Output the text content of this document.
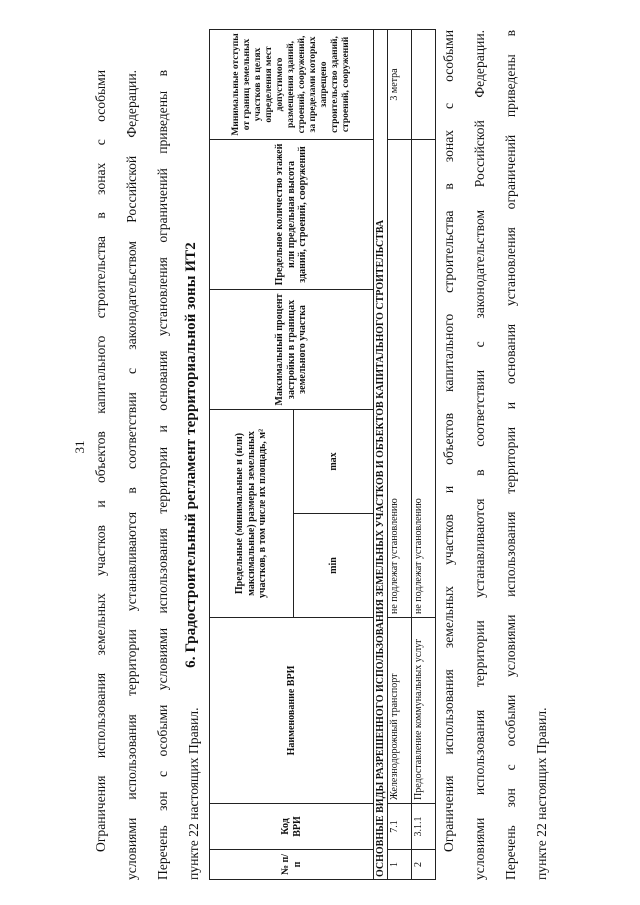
31 Ограничения использования земельных участков и объектов капитального строительства в зонах с особыми	условиями использования территории устанавливаются в соответствии с законодательством Российской Федерации.	Перечень зон с особыми условиями использования территории и основания установления ограничений приведены в	пункте 22 настоящих Правил.
6. Градостроительный регламент территориальной зоны ИТ2
№ п/п	Код ВРИ	Наименование ВРИ	Предельные (минимальные и (или) максимальные) размеры земельных участков, в том числе их площадь, м²		Максимальный процент застройки в границах земельного участка	Предельное количество этажей или предельная высота зданий, строений, сооружений	Минимальные отступы от границ земельных участков в целях определения мест допустимого размещения зданий, строений, сооружений, за пределами которых запрещено строительство зданий, строений, сооружений
			min	max			
ОСНОВНЫЕ ВИДЫ РАЗРЕШЕННОГО ИСПОЛЬЗОВАНИЯ ЗЕМЕЛЬНЫХ УЧАСТКОВ И ОБЪЕКТОВ КАПИТАЛЬНОГО СТРОИТЕЛЬСТВА							
1	7.1	Железнодорожный транспорт	не подлежат установлению				3 метра
2	3.1.1	Предоставление коммунальных услуг	не подлежат установлению					Ограничения использования земельных участков и объектов капитального строительства в зонах с особыми	условиями использования территории устанавливаются в соответствии с законодательством Российской Федерации.	Перечень зон с особыми условиями использования территории и основания установления ограничений приведены в	пункте 22 настоящих Правил.
